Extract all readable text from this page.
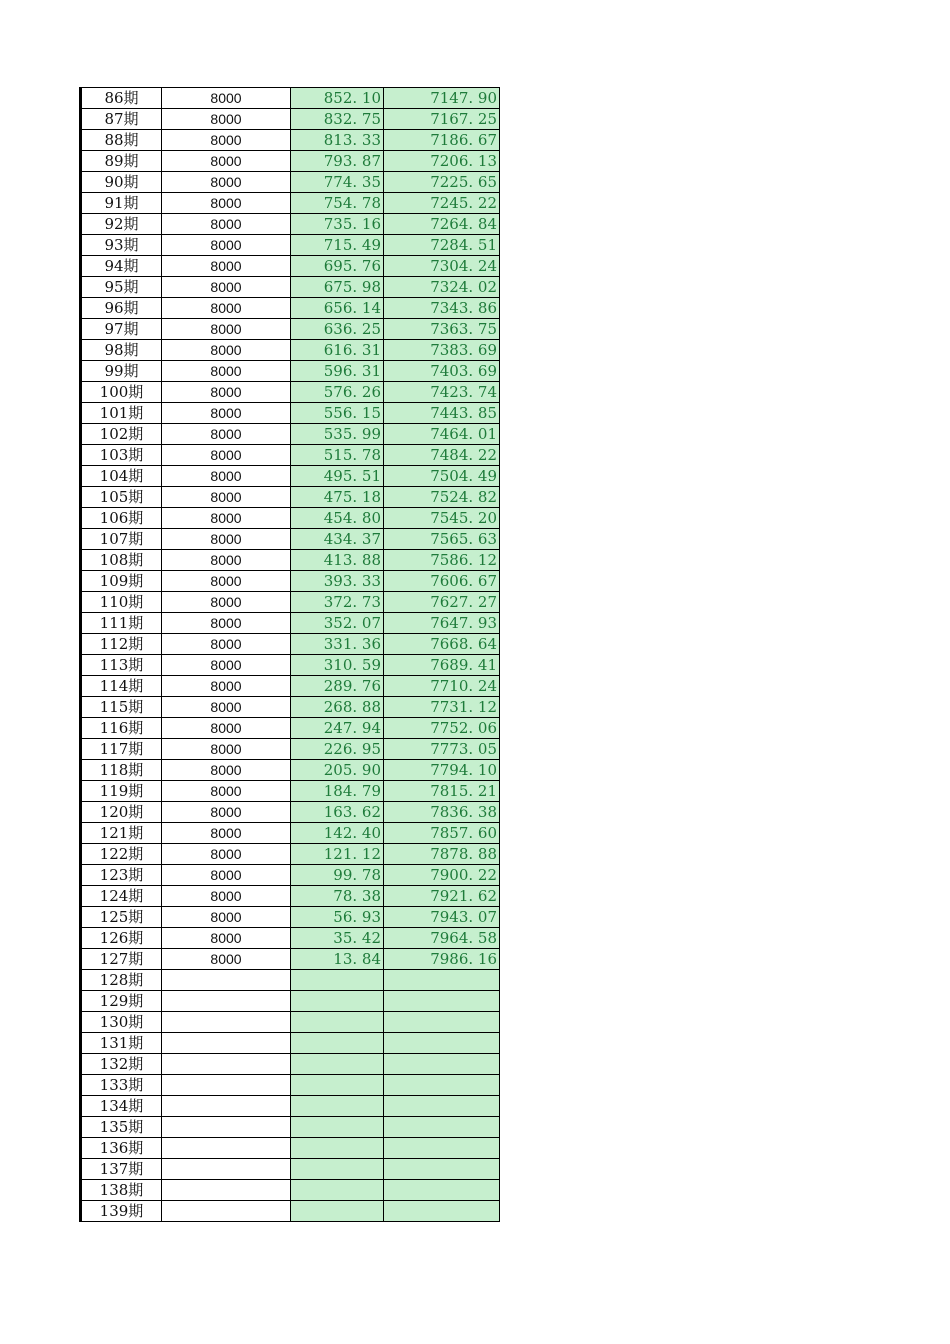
86期	8000	852. 10	7147. 90
87期	8000	832. 75	7167. 25
88期	8000	813. 33	7186. 67
89期	8000	793. 87	7206. 13
90期	8000	774. 35	7225. 65
91期	8000	754. 78	7245. 22
92期	8000	735. 16	7264. 84
93期	8000	715. 49	7284. 51
94期	8000	695. 76	7304. 24
95期	8000	675. 98	7324. 02
96期	8000	656. 14	7343. 86
97期	8000	636. 25	7363. 75
98期	8000	616. 31	7383. 69
99期	8000	596. 31	7403. 69
100期	8000	576. 26	7423. 74
101期	8000	556. 15	7443. 85
102期	8000	535. 99	7464. 01
103期	8000	515. 78	7484. 22
104期	8000	495. 51	7504. 49
105期	8000	475. 18	7524. 82
106期	8000	454. 80	7545. 20
107期	8000	434. 37	7565. 63
108期	8000	413. 88	7586. 12
109期	8000	393. 33	7606. 67
110期	8000	372. 73	7627. 27
111期	8000	352. 07	7647. 93
112期	8000	331. 36	7668. 64
113期	8000	310. 59	7689. 41
114期	8000	289. 76	7710. 24
115期	8000	268. 88	7731. 12
116期	8000	247. 94	7752. 06
117期	8000	226. 95	7773. 05
118期	8000	205. 90	7794. 10
119期	8000	184. 79	7815. 21
120期	8000	163. 62	7836. 38
121期	8000	142. 40	7857. 60
122期	8000	121. 12	7878. 88
123期	8000	99. 78	7900. 22
124期	8000	78. 38	7921. 62
125期	8000	56. 93	7943. 07
126期	8000	35. 42	7964. 58
127期	8000	13. 84	7986. 16
128期			
129期			
130期			
131期			
132期			
133期			
134期			
135期			
136期			
137期			
138期			
139期			
